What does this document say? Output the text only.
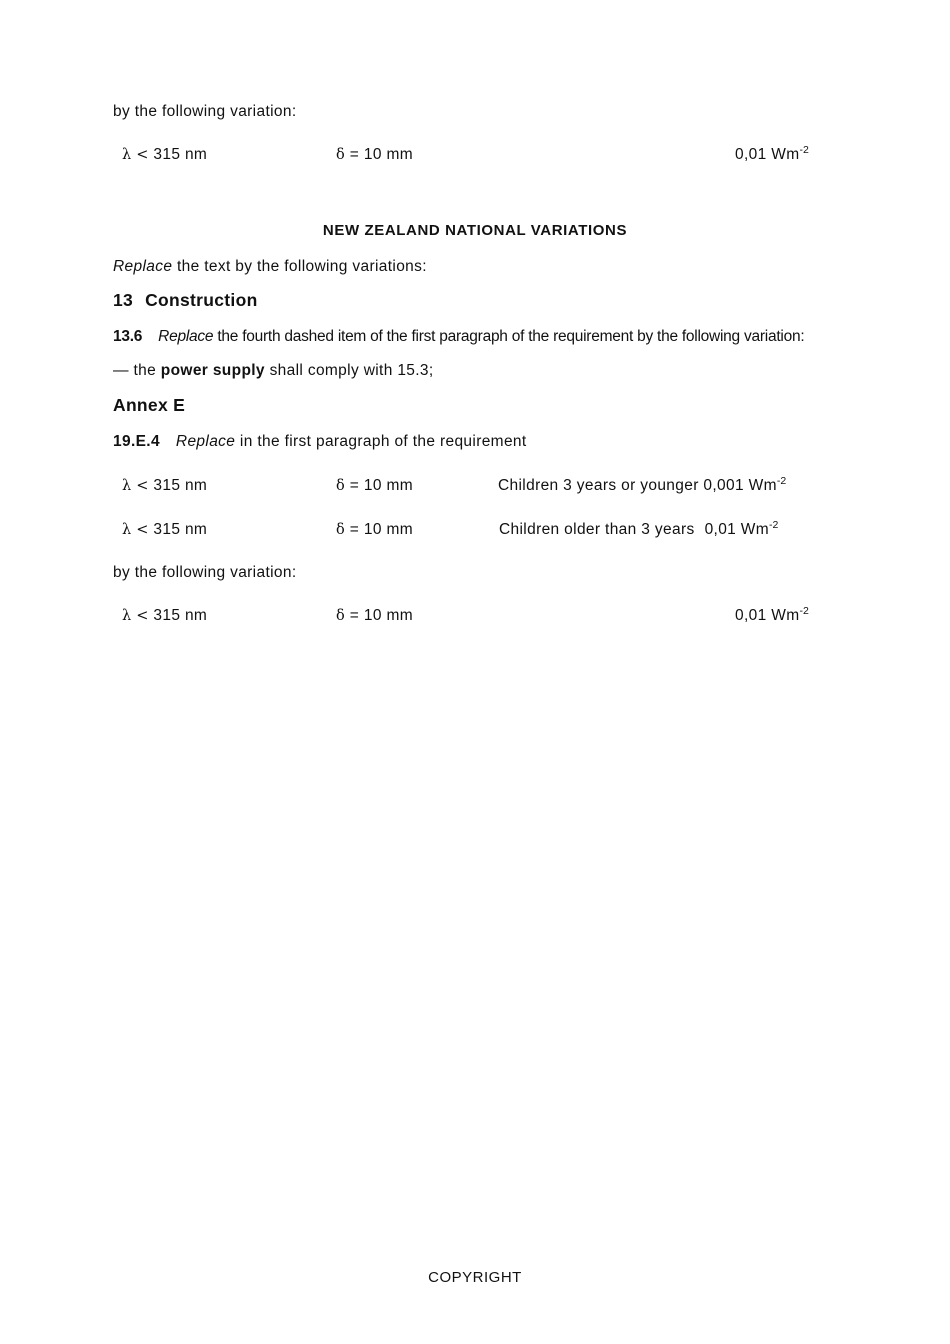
by the following variation:
λ < 315 nm	δ = 10 mm	0,01 $Wm^{-2}$
NEW ZEALAND NATIONAL VARIATIONS
Replace the text by the following variations:
13 Construction
13.6 Replace the fourth dashed item of the first paragraph of the requirement by the following variation:
— the power supply shall comply with 15.3;
Annex E
19.E.4 Replace in the first paragraph of the requirement
λ < 315 nm	δ = 10 mm	Children 3 years or younger 0,001 $Wm^{-2}$
λ < 315 nm	δ = 10 mm	Children older than 3 years 0,01 $Wm^{-2}$
by the following variation:
λ < 315 nm	δ = 10 mm	0,01 $Wm^{-2}$
COPYRIGHT
